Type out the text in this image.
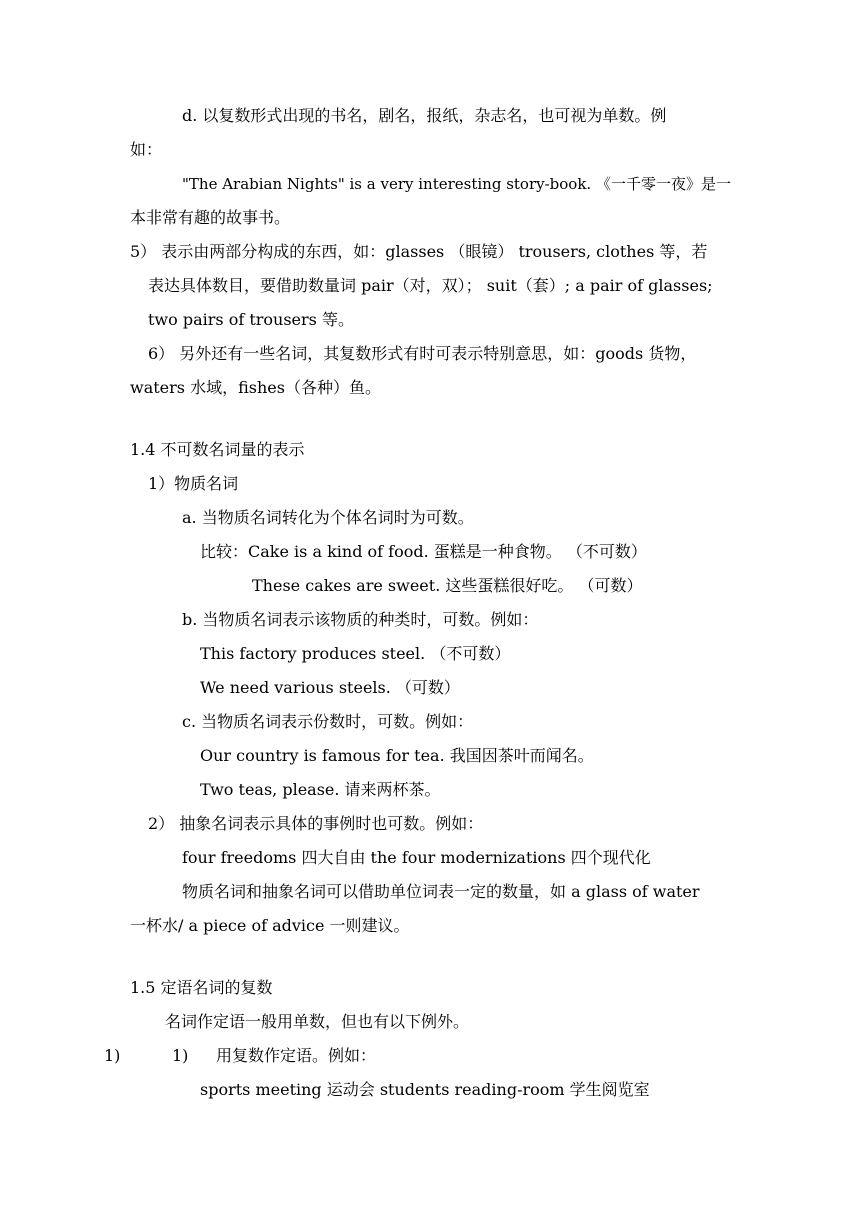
d. 以复数形式出现的书名，剧名，报纸，杂志名，也可视为单数。例

如：

"The Arabian Nights" is a very interesting story-book. 《一千零一夜》是一

本非常有趣的故事书。

5） 表示由两部分构成的东西，如：glasses （眼镜） trousers, clothes 等，若

表达具体数目，要借助数量词 pair（对，双）； suit（套）; a pair of glasses;

two pairs of trousers 等。

6） 另外还有一些名词，其复数形式有时可表示特别意思，如：goods 货物，

waters 水域，fishes（各种）鱼。

1.4 不可数名词量的表示

1）物质名词

a. 当物质名词转化为个体名词时为可数。

比较：Cake is a kind of food. 蛋糕是一种食物。 （不可数）

These cakes are sweet. 这些蛋糕很好吃。 （可数）

b. 当物质名词表示该物质的种类时，可数。例如：

This factory produces steel. （不可数）

We need various steels. （可数）

c. 当物质名词表示份数时，可数。例如：

Our country is famous for tea. 我国因茶叶而闻名。

Two teas, please. 请来两杯茶。

2） 抽象名词表示具体的事例时也可数。例如：

four freedoms 四大自由 the four modernizations 四个现代化

物质名词和抽象名词可以借助单位词表一定的数量，如 a glass of water

一杯水/ a piece of advice 一则建议。

1.5 定语名词的复数

名词作定语一般用单数，但也有以下例外。

1)	1) 用复数作定语。例如：

sports meeting 运动会 students reading-room 学生阅览室
